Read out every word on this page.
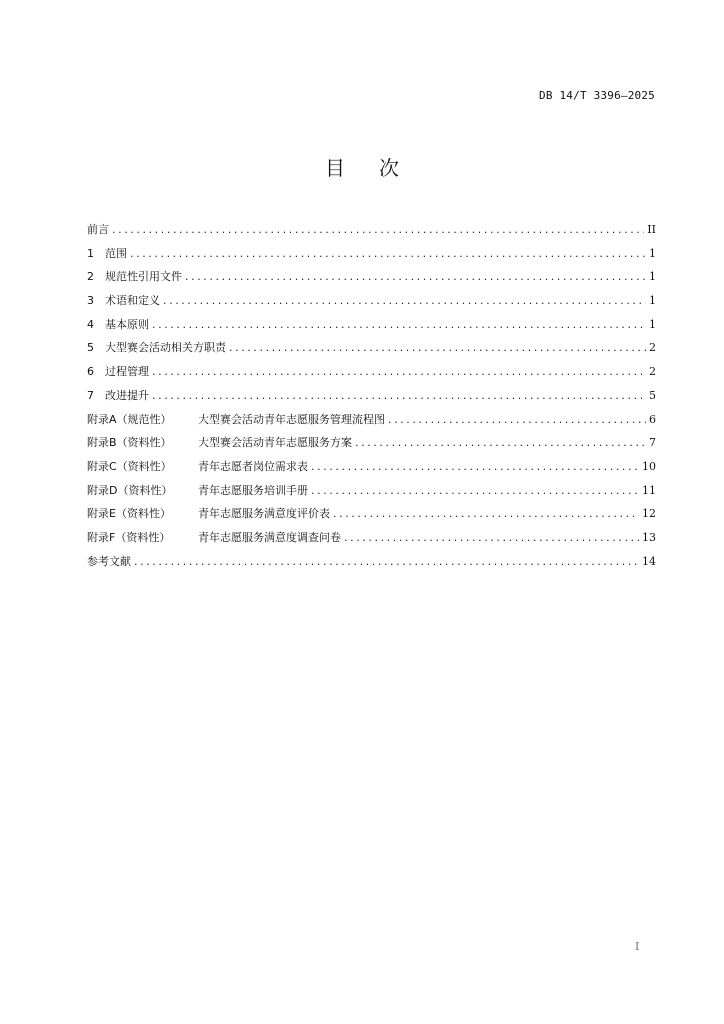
DB 14/T 3396—2025
目次
前言 .....	II
1	范围 .....	1
2	规范性引用文件 .....	1
3	术语和定义 .....	1
4	基本原则 .....	1
5	大型赛会活动相关方职责 .....	2
6	过程管理 .....	2
7	改进提升 .....	5
附录A（规范性）	大型赛会活动青年志愿服务管理流程图 .....	6
附录B（资料性）	大型赛会活动青年志愿服务方案 .....	7
附录C（资料性）	青年志愿者岗位需求表 .....	10
附录D（资料性）	青年志愿服务培训手册 .....	11
附录E（资料性）	青年志愿服务满意度评价表 .....	12
附录F（资料性）	青年志愿服务满意度调查问卷 .....	13
参考文献 .....	14
I
